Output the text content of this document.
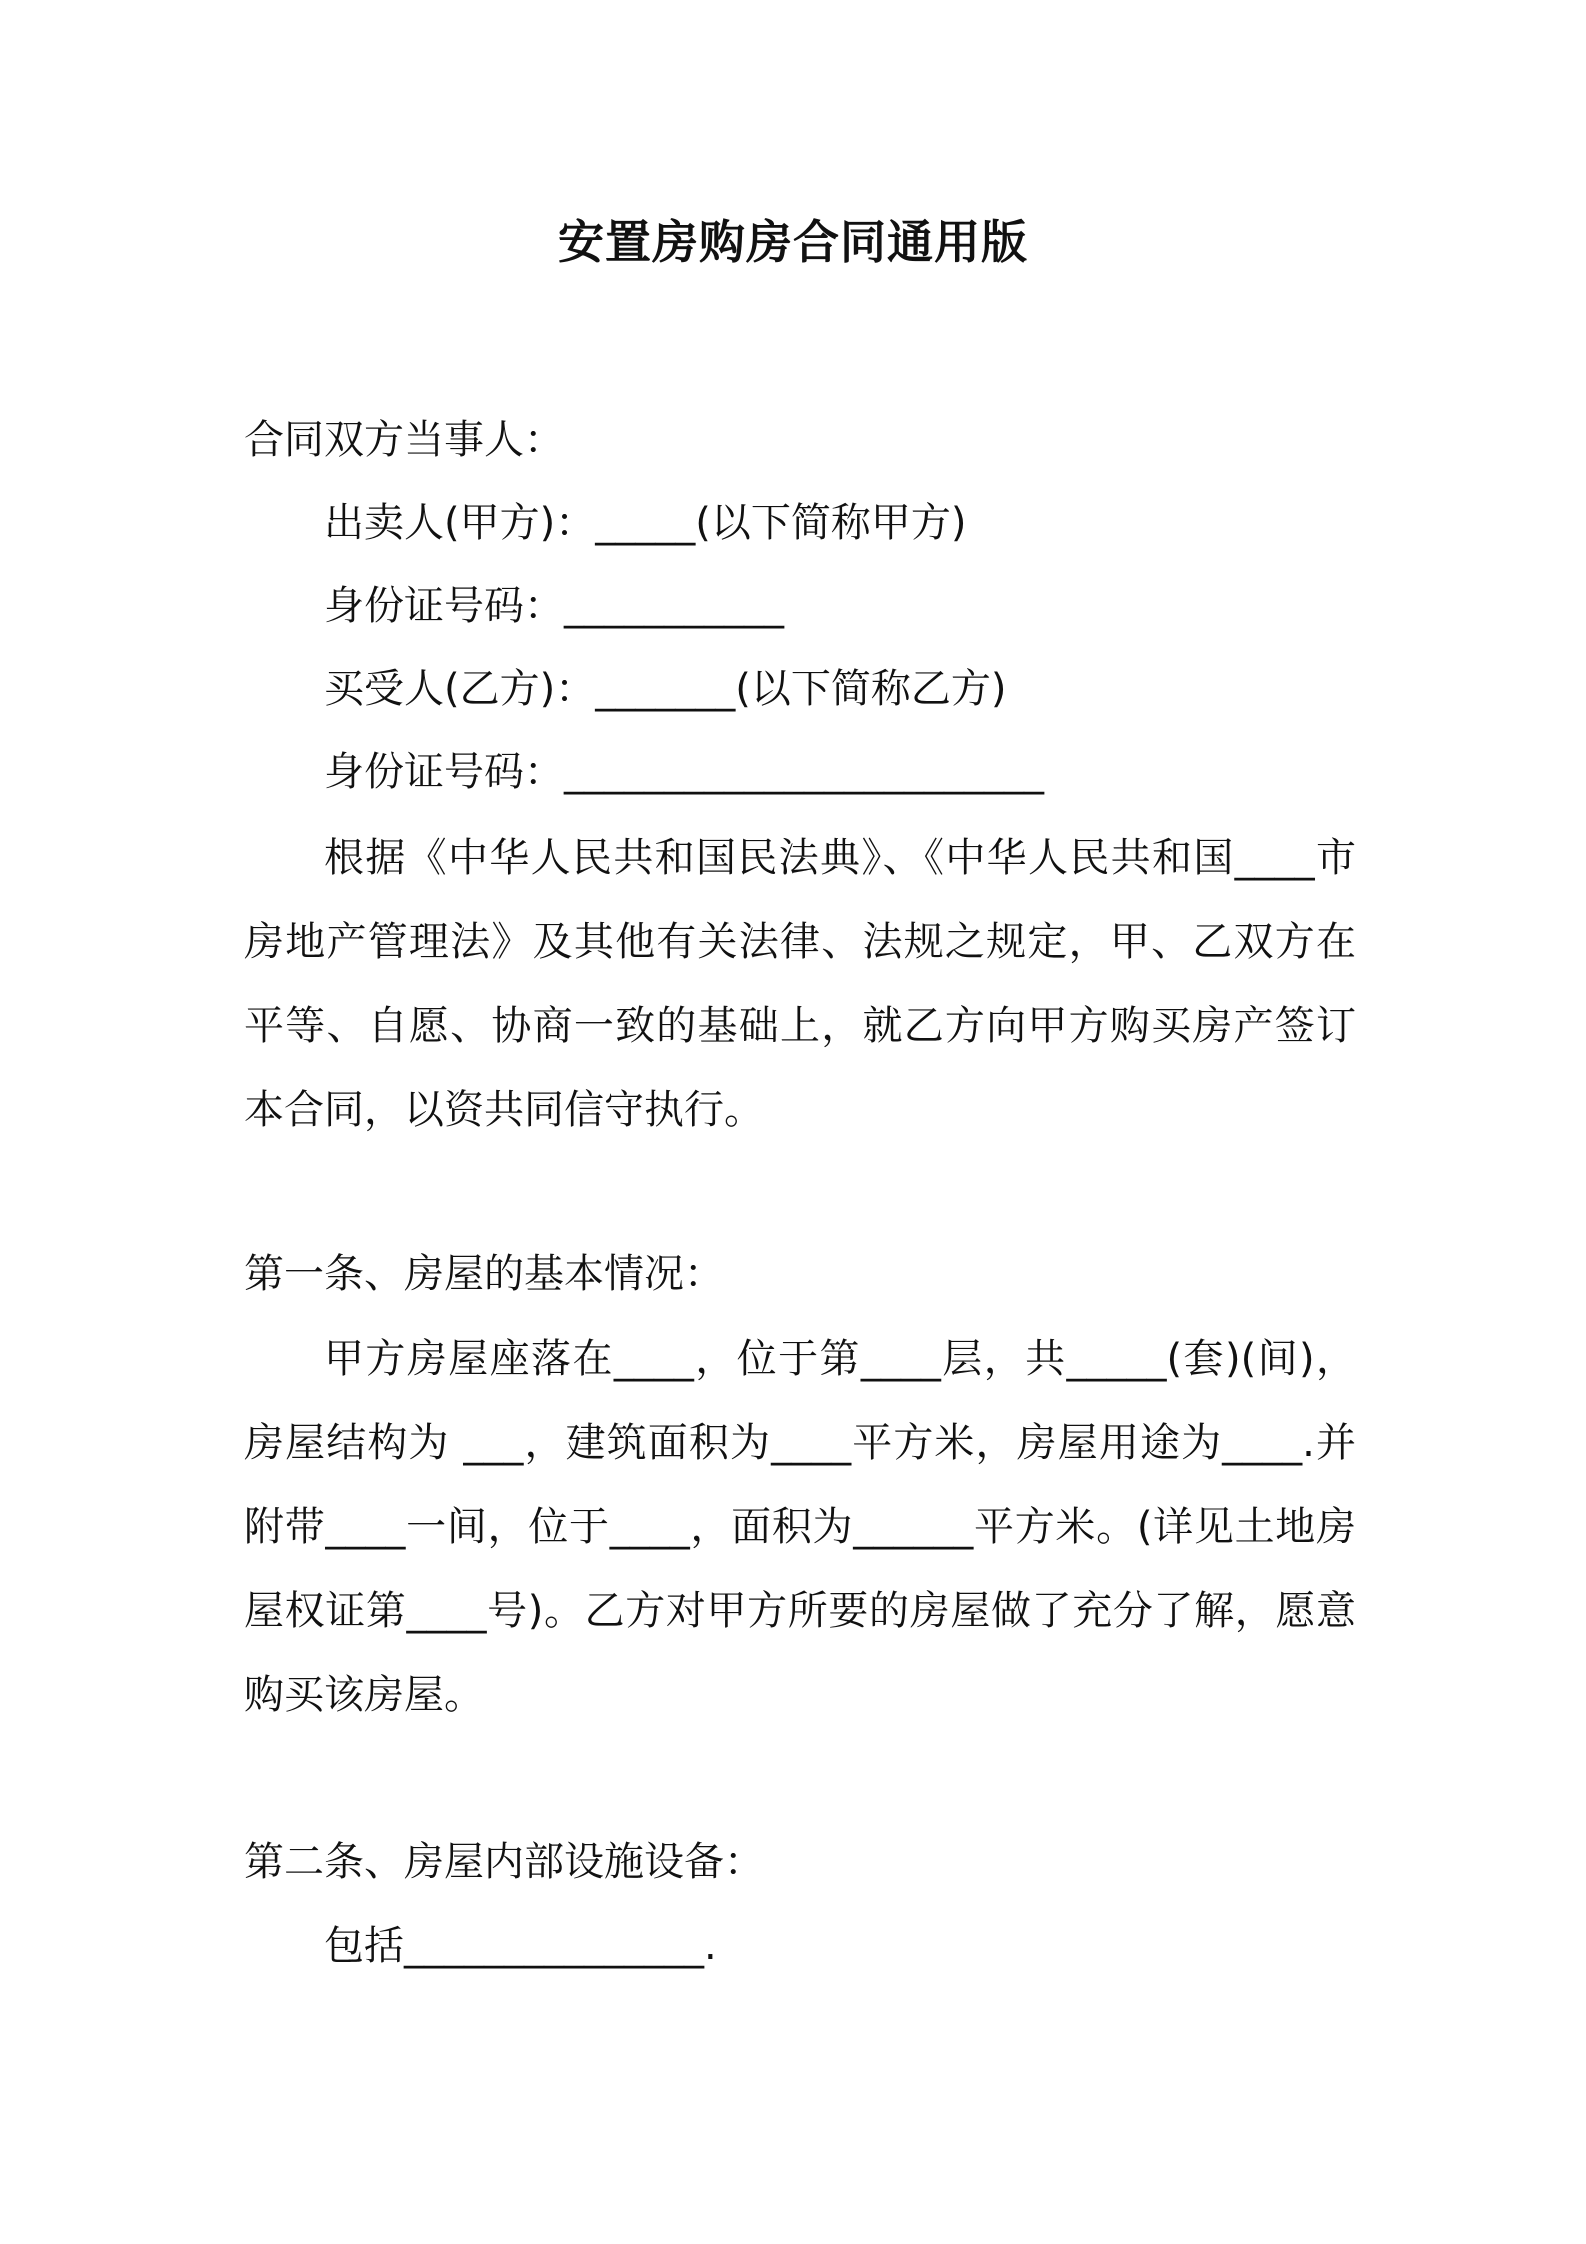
安置房购房合同通用版
合同双方当事人：
出卖人(甲方)：_____(以下简称甲方)
身份证号码：___________
买受人(乙方)：_______(以下简称乙方)
身份证号码：________________________
根据《中华人民共和国民法典》、《中华人民共和国____市房地产管理法》及其他有关法律、法规之规定，甲、乙双方在平等、自愿、协商一致的基础上，就乙方向甲方购买房产签订本合同，以资共同信守执行。
第一条、房屋的基本情况：
甲方房屋座落在____，位于第____层，共_____(套)(间)，房屋结构为 ___，建筑面积为____平方米，房屋用途为____.并附带____一间，位于____，面积为______平方米。(详见土地房屋权证第____号)。乙方对甲方所要的房屋做了充分了解，愿意购买该房屋。
第二条、房屋内部设施设备：
包括_______________.
